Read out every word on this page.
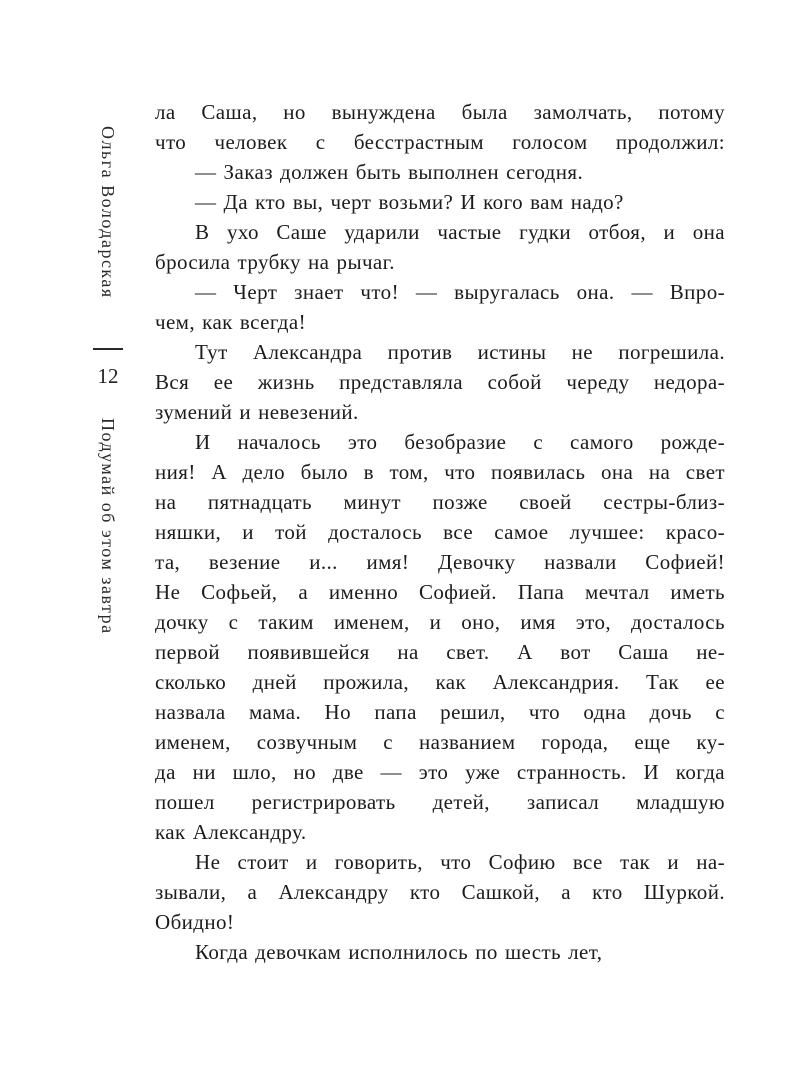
Ольга Володарская
12
Подумай об этом завтра
ла Саша, но вынуждена была замолчать, потому
что человек с бесстрастным голосом продолжил:
— Заказ должен быть выполнен сегодня.
— Да кто вы, черт возьми? И кого вам надо?
В ухо Саше ударили частые гудки отбоя, и она
бросила трубку на рычаг.
— Черт знает что! — выругалась она. — Впро-
чем, как всегда!
Тут Александра против истины не погрешила.
Вся ее жизнь представляла собой череду недора-
зумений и невезений.
И началось это безобразие с самого рожде-
ния! А дело было в том, что появилась она на свет
на пятнадцать минут позже своей сестры-близ-
няшки, и той досталось все самое лучшее: красо-
та, везение и... имя! Девочку назвали Софией!
Не Софьей, а именно Софией. Папа мечтал иметь
дочку с таким именем, и оно, имя это, досталось
первой появившейся на свет. А вот Саша не-
сколько дней прожила, как Александрия. Так ее
назвала мама. Но папа решил, что одна дочь с
именем, созвучным с названием города, еще ку-
да ни шло, но две — это уже странность. И когда
пошел регистрировать детей, записал младшую
как Александру.
Не стоит и говорить, что Софию все так и на-
зывали, а Александру кто Сашкой, а кто Шуркой.
Обидно!
Когда девочкам исполнилось по шесть лет,
